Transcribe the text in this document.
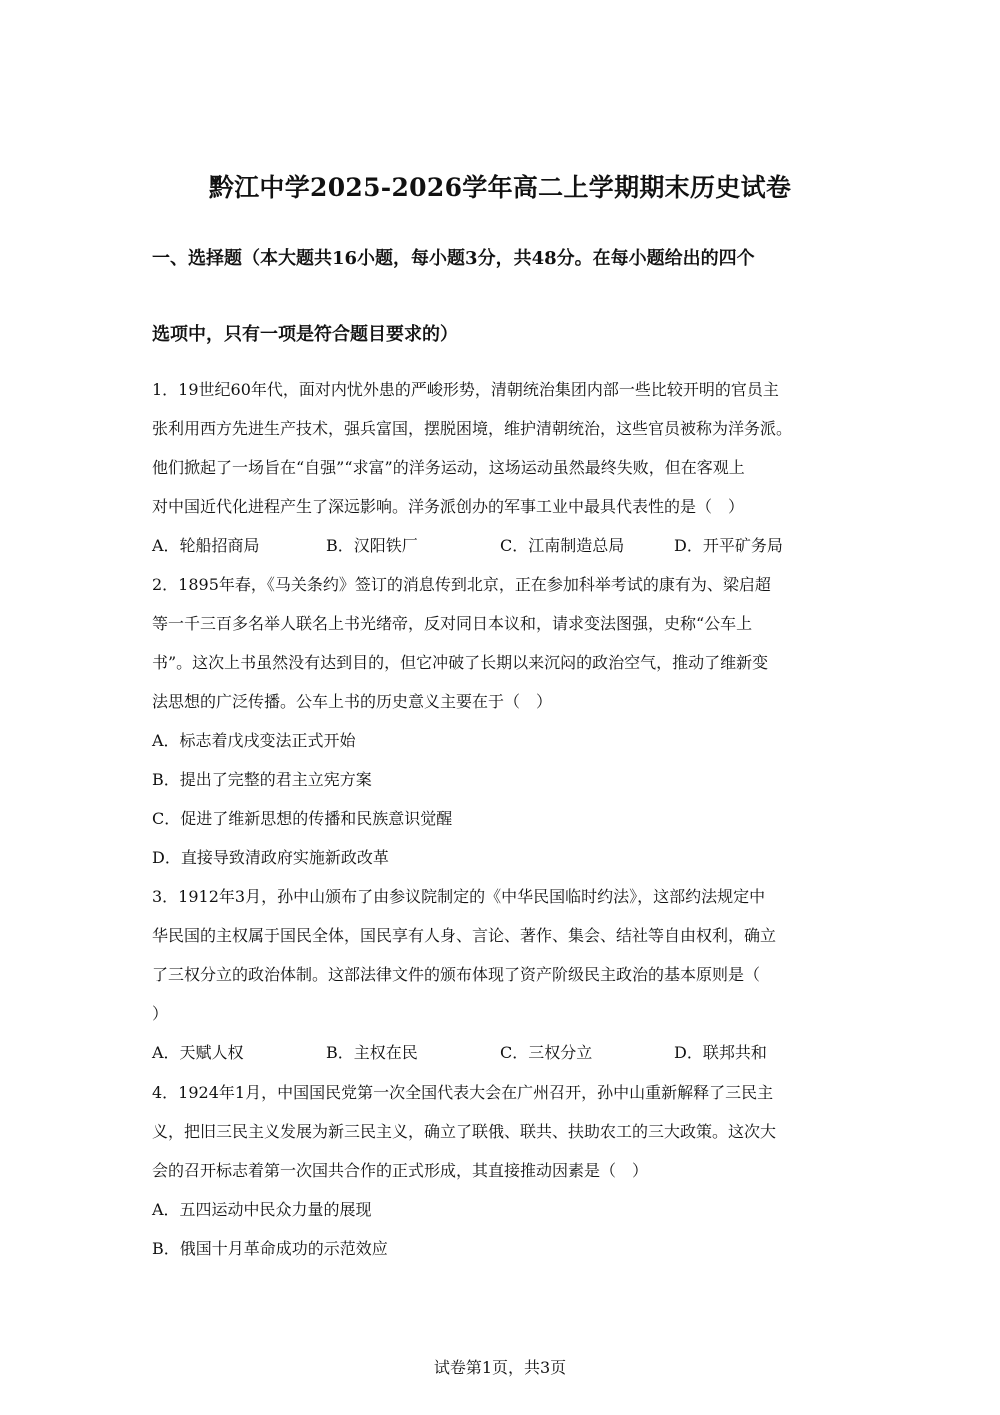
黔江中学2025-2026学年高二上学期期末历史试卷
一、选择题（本大题共16小题，每小题3分，共48分。在每小题给出的四个
选项中，只有一项是符合题目要求的）
1．19世纪60年代，面对内忧外患的严峻形势，清朝统治集团内部一些比较开明的官员主
张利用西方先进生产技术，强兵富国，摆脱困境，维护清朝统治，这些官员被称为洋务派。
他们掀起了一场旨在“自强”“求富”的洋务运动，这场运动虽然最终失败，但在客观上
对中国近代化进程产生了深远影响。洋务派创办的军事工业中最具代表性的是（　）
A．轮船招商局	B．汉阳铁厂	C．江南制造总局	D．开平矿务局
2．1895年春，《马关条约》签订的消息传到北京，正在参加科举考试的康有为、梁启超
等一千三百多名举人联名上书光绪帝，反对同日本议和，请求变法图强，史称“公车上
书”。这次上书虽然没有达到目的，但它冲破了长期以来沉闷的政治空气，推动了维新变
法思想的广泛传播。公车上书的历史意义主要在于（　）
A．标志着戊戌变法正式开始
B．提出了完整的君主立宪方案
C．促进了维新思想的传播和民族意识觉醒
D．直接导致清政府实施新政改革
3．1912年3月，孙中山颁布了由参议院制定的《中华民国临时约法》，这部约法规定中
华民国的主权属于国民全体，国民享有人身、言论、著作、集会、结社等自由权利，确立
了三权分立的政治体制。这部法律文件的颁布体现了资产阶级民主政治的基本原则是（
）
A．天赋人权	B．主权在民	C．三权分立	D．联邦共和
4．1924年1月，中国国民党第一次全国代表大会在广州召开，孙中山重新解释了三民主
义，把旧三民主义发展为新三民主义，确立了联俄、联共、扶助农工的三大政策。这次大
会的召开标志着第一次国共合作的正式形成，其直接推动因素是（　）
A．五四运动中民众力量的展现
B．俄国十月革命成功的示范效应
试卷第1页，共3页
